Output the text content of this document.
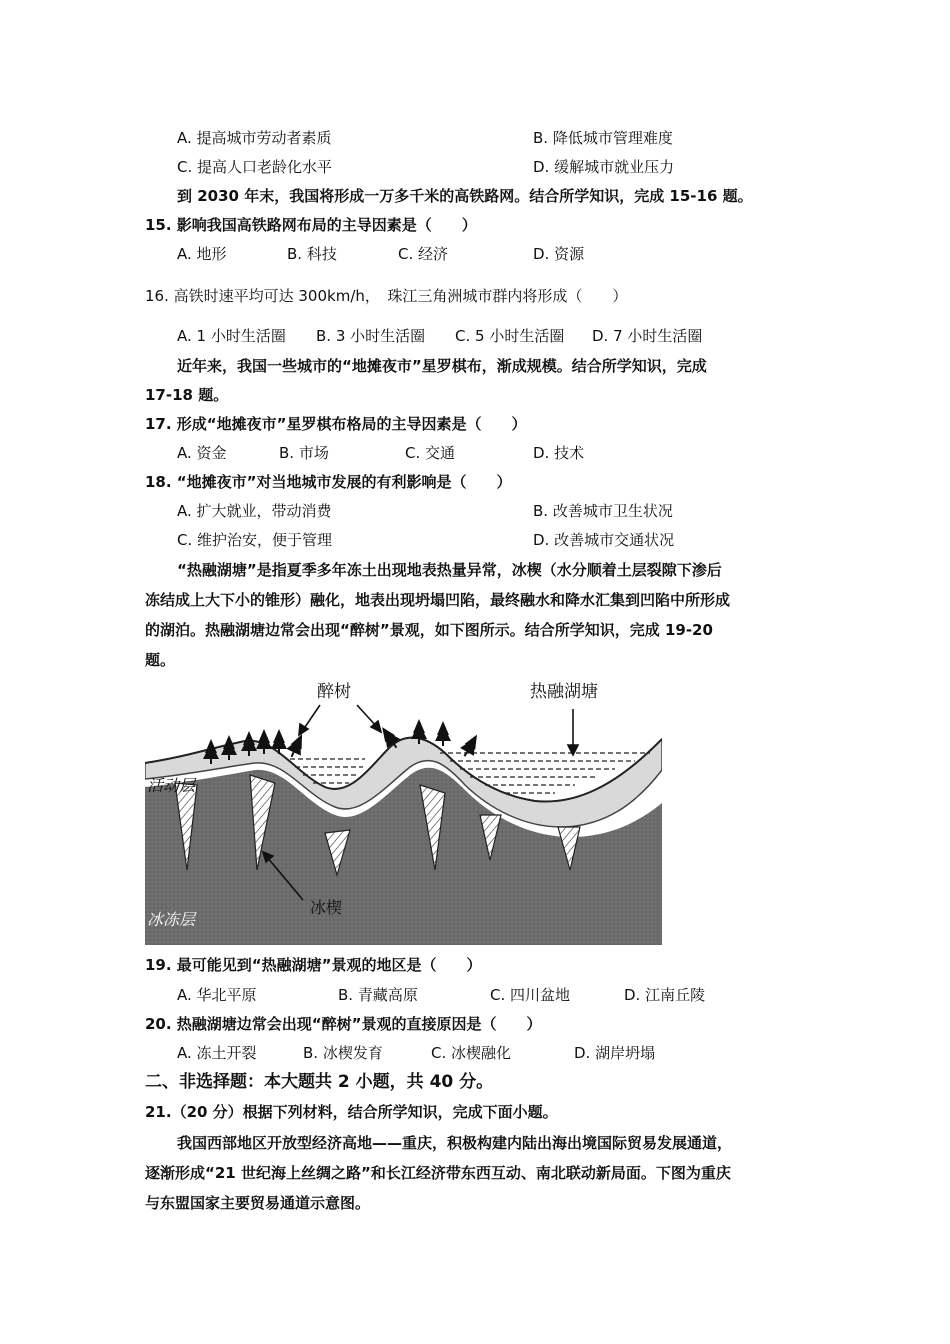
A. 提高城市劳动者素质	B. 降低城市管理难度
C. 提高人口老龄化水平	D. 缓解城市就业压力
到 2030 年末，我国将形成一万多千米的高铁路网。结合所学知识，完成 15-16 题。
15. 影响我国高铁路网布局的主导因素是（　　）
A. 地形	B. 科技	C. 经济	D. 资源
16. 高铁时速平均可达 300km/h，　珠江三角洲城市群内将形成（　　）
A. 1 小时生活圈 B. 3 小时生活圈 C. 5 小时生活圈 D. 7 小时生活圈
近年来，我国一些城市的“地摊夜市”星罗棋布，渐成规模。结合所学知识，完成
17-18 题。
17. 形成“地摊夜市”星罗棋布格局的主导因素是（　　）
A. 资金	B. 市场	C. 交通	D. 技术
18. “地摊夜市”对当地城市发展的有利影响是（　　）
A. 扩大就业，带动消费	B. 改善城市卫生状况
C. 维护治安，便于管理	D. 改善城市交通状况
“热融湖塘”是指夏季多年冻土出现地表热量异常，冰楔（水分顺着土层裂隙下渗后
冻结成上大下小的锥形）融化，地表出现坍塌凹陷，最终融水和降水汇集到凹陷中所形成
的湖泊。热融湖塘边常会出现“醉树”景观，如下图所示。结合所学知识，完成 19-20
题。
醉树	热融湖塘
活动层
冰楔
冰冻层
19. 最可能见到“热融湖塘”景观的地区是（　　）
A. 华北平原	B. 青藏高原	C. 四川盆地	D. 江南丘陵
20. 热融湖塘边常会出现“醉树”景观的直接原因是（　　）
A. 冻土开裂	B. 冰楔发育	C. 冰楔融化	D. 湖岸坍塌
二、非选择题：本大题共 2 小题，共 40 分。
21.（20 分）根据下列材料，结合所学知识，完成下面小题。
我国西部地区开放型经济高地——重庆，积极构建内陆出海出境国际贸易发展通道，
逐渐形成“21 世纪海上丝绸之路”和长江经济带东西互动、南北联动新局面。下图为重庆
与东盟国家主要贸易通道示意图。
